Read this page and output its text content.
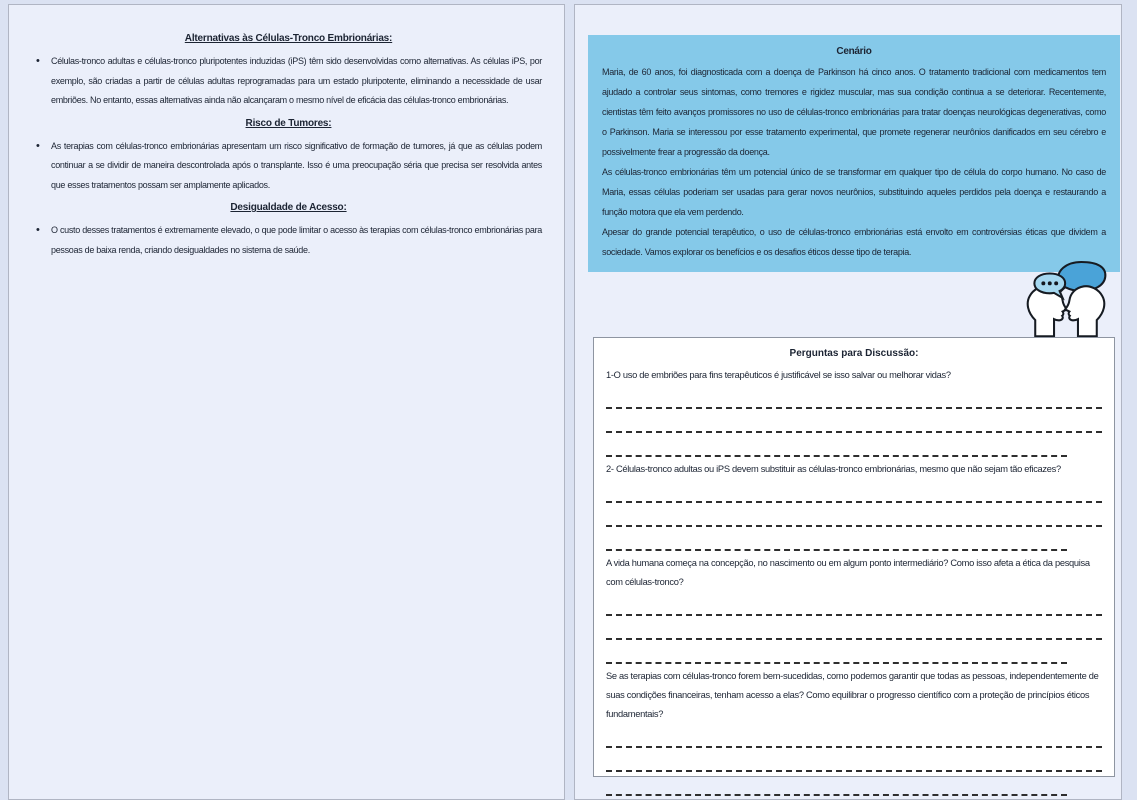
Alternativas às Células-Tronco Embrionárias:
• Células-tronco adultas e células-tronco pluripotentes induzidas (iPS) têm sido desenvolvidas como alternativas. As células iPS, por exemplo, são criadas a partir de células adultas reprogramadas para um estado pluripotente, eliminando a necessidade de usar embriões. No entanto, essas alternativas ainda não alcançaram o mesmo nível de eficácia das células-tronco embrionárias.
Risco de Tumores:
• As terapias com células-tronco embrionárias apresentam um risco significativo de formação de tumores, já que as células podem continuar a se dividir de maneira descontrolada após o transplante. Isso é uma preocupação séria que precisa ser resolvida antes que esses tratamentos possam ser amplamente aplicados.
Desigualdade de Acesso:
• O custo desses tratamentos é extremamente elevado, o que pode limitar o acesso às terapias com células-tronco embrionárias para pessoas de baixa renda, criando desigualdades no sistema de saúde.
Cenário

Maria, de 60 anos, foi diagnosticada com a doença de Parkinson há cinco anos. O tratamento tradicional com medicamentos tem ajudado a controlar seus sintomas, como tremores e rigidez muscular, mas sua condição continua a se deteriorar. Recentemente, cientistas têm feito avanços promissores no uso de células-tronco embrionárias para tratar doenças neurológicas degenerativas, como o Parkinson. Maria se interessou por esse tratamento experimental, que promete regenerar neurônios danificados em seu cérebro e possivelmente frear a progressão da doença.

As células-tronco embrionárias têm um potencial único de se transformar em qualquer tipo de célula do corpo humano. No caso de Maria, essas células poderiam ser usadas para gerar novos neurônios, substituindo aqueles perdidos pela doença e restaurando a função motora que ela vem perdendo.

Apesar do grande potencial terapêutico, o uso de células-tronco embrionárias está envolto em controvérsias éticas que dividem a sociedade. Vamos explorar os benefícios e os desafios éticos desse tipo de terapia.

Perguntas para Discussão:
1-O uso de embriões para fins terapêuticos é justificável se isso salvar ou melhorar vidas?
2- Células-tronco adultas ou iPS devem substituir as células-tronco embrionárias, mesmo que não sejam tão eficazes?
A vida humana começa na concepção, no nascimento ou em algum ponto intermediário? Como isso afeta a ética da pesquisa com células-tronco?
Se as terapias com células-tronco forem bem-sucedidas, como podemos garantir que todas as pessoas, independentemente de suas condições financeiras, tenham acesso a elas? Como equilibrar o progresso científico com a proteção de princípios éticos fundamentais?
